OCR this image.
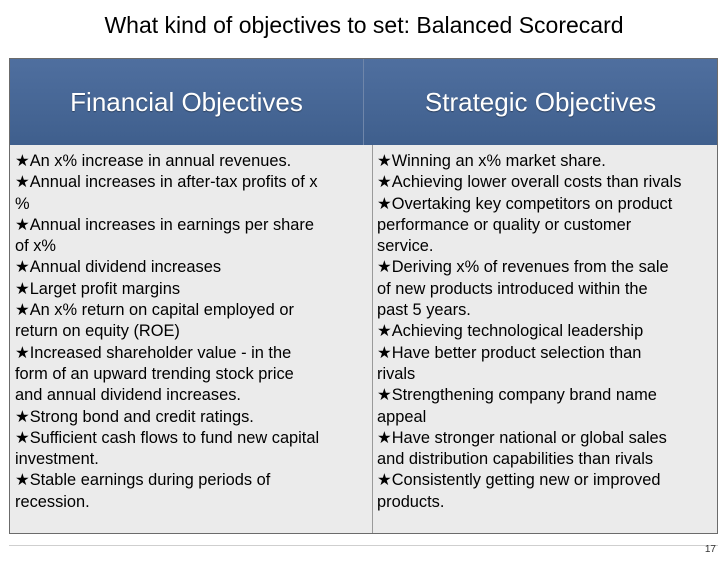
What kind of objectives to set: Balanced Scorecard
Financial Objectives	Strategic Objectives
★An x% increase in annual revenues.
★Annual increases in after-tax profits of x
%
★Annual increases in earnings per share
of x%
★Annual dividend increases
★Larget profit margins
★An x% return on capital employed or
return on equity (ROE)
★Increased shareholder value - in the
form of an upward trending stock price
and annual dividend increases.
★Strong bond and credit ratings.
★Sufficient cash flows to fund new capital
investment.
★Stable earnings during periods of
recession.
★Winning an x% market share.
★Achieving lower overall costs than rivals
★Overtaking key competitors on product
performance or quality or customer
service.
★Deriving x% of revenues from the sale
of new products introduced within the
past 5 years.
★Achieving technological leadership
★Have better product selection than
rivals
★Strengthening company brand name
appeal
★Have stronger national or global sales
and distribution capabilities than rivals
★Consistently getting new or improved
products.
17
